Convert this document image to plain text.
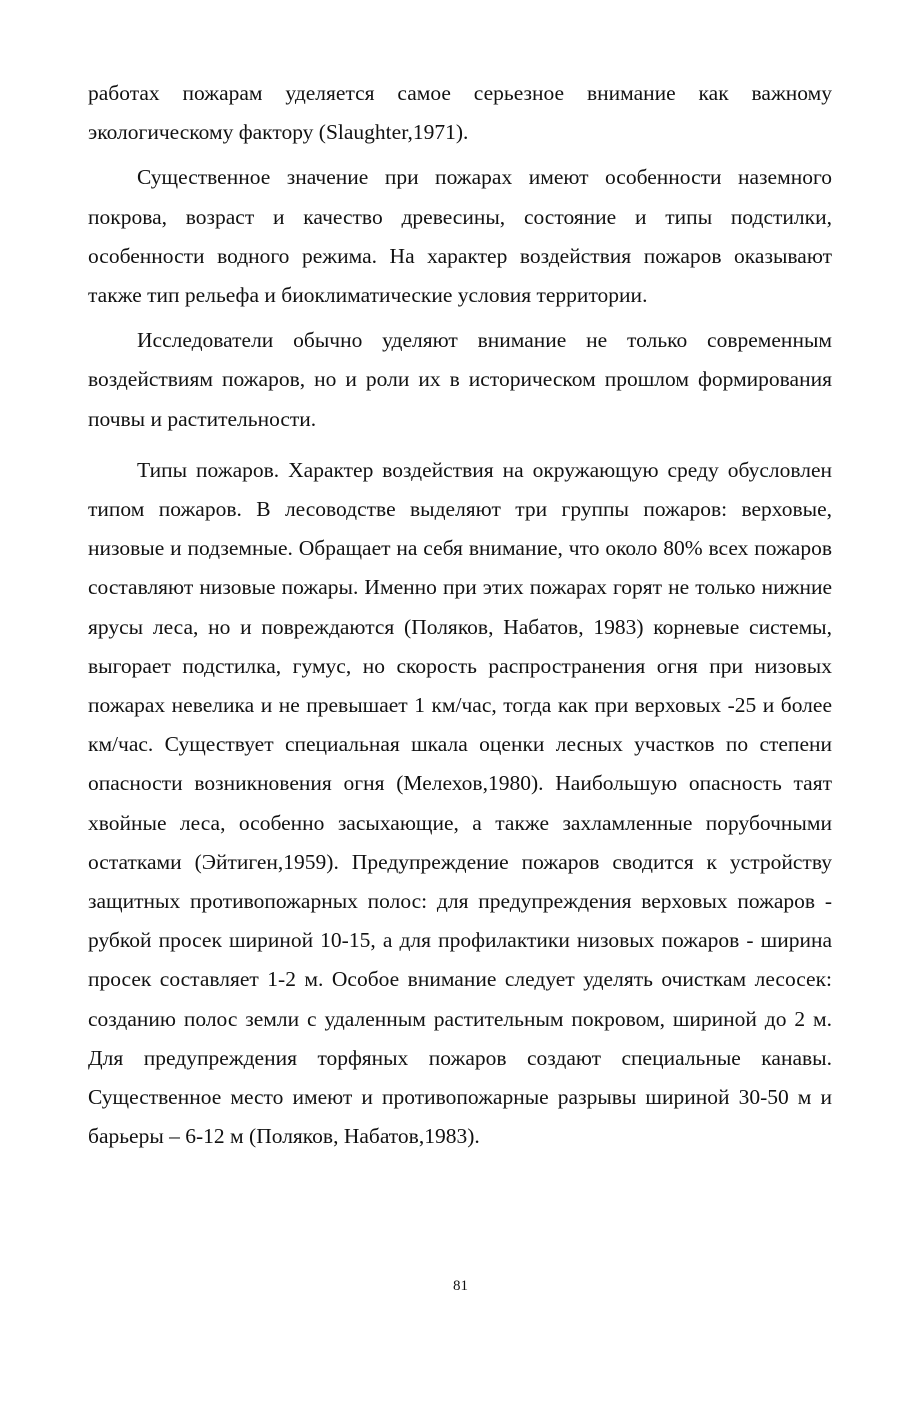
работах пожарам уделяется самое серьезное внимание как важному экологическому фактору (Slaughter,1971).

Существенное значение при пожарах имеют особенности наземного покрова, возраст и качество древесины, состояние и типы подстилки, особенности водного режима. На характер воздействия пожаров оказывают также тип рельефа и биоклиматические условия территории.

Исследователи обычно уделяют внимание не только современным воздействиям пожаров, но и роли их в историческом прошлом формирования почвы и растительности.

Типы пожаров. Характер воздействия на окружающую среду обусловлен типом пожаров. В лесоводстве выделяют три группы пожаров: верховые, низовые и подземные. Обращает на себя внимание, что около 80% всех пожаров составляют низовые пожары. Именно при этих пожарах горят не только нижние ярусы леса, но и повреждаются (Поляков, Набатов, 1983) корневые системы, выгорает подстилка, гумус, но скорость распространения огня при низовых пожарах невелика и не превышает 1 км/час, тогда как при верховых -25 и более км/час. Существует специальная шкала оценки лесных участков по степени опасности возникновения огня (Мелехов,1980). Наибольшую опасность таят хвойные леса, особенно засыхающие, а также захламленные порубочными остатками (Эйтиген,1959). Предупреждение пожаров сводится к устройству защитных противопожарных полос: для предупреждения верховых пожаров - рубкой просек шириной 10-15, а для профилактики низовых пожаров - ширина просек составляет 1-2 м. Особое внимание следует уделять очисткам лесосек: созданию полос земли с удаленным растительным покровом, шириной до 2 м. Для предупреждения торфяных пожаров создают специальные канавы. Существенное место имеют и противопожарные разрывы шириной 30-50 м и барьеры – 6-12 м (Поляков, Набатов,1983).

81
